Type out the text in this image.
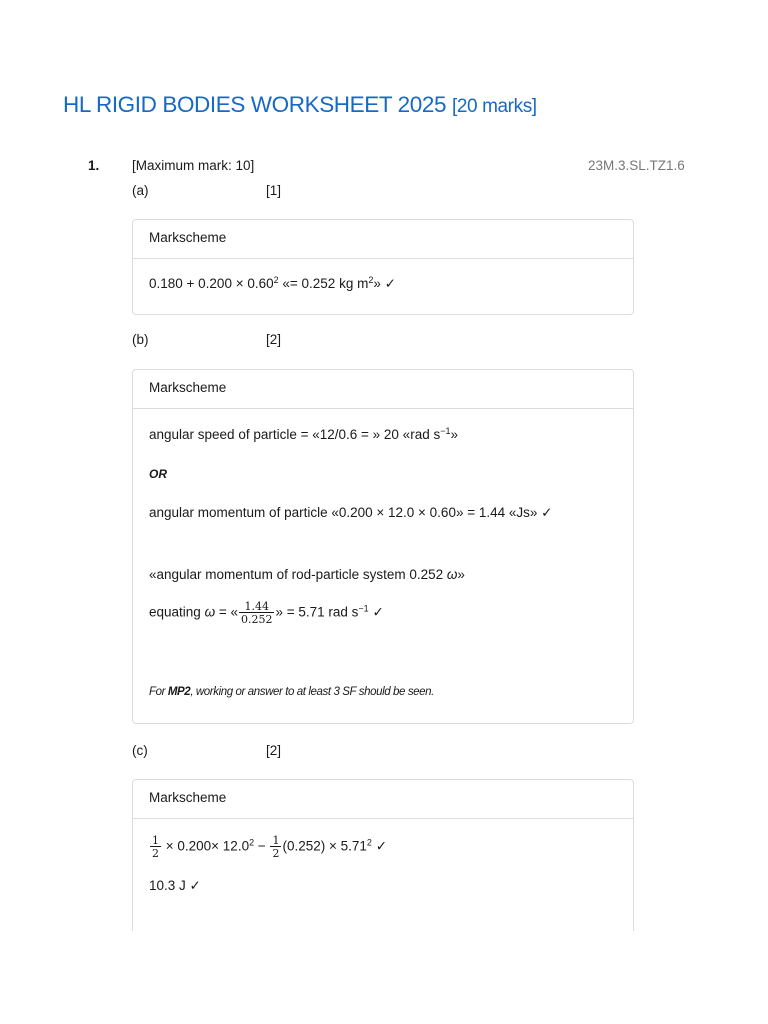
HL RIGID BODIES WORKSHEET 2025 [20 marks]
1. [Maximum mark: 10]	23M.3.SL.TZ1.6
(a)	[1]
Markscheme
$0.180 + 0.200 \times 0.60^2$ «= 0.252 kg $m^2$» ✓
(b)	[2]
Markscheme
angular speed of particle = «12/0.6 = » 20 «rad $s^{-1}$»
OR
angular momentum of particle «0.200 × 12.0 × 0.60» = 1.44 «Js» ✓
«angular momentum of rod-particle system 0.252 ω»
equating ω = « $\frac{1.44}{0.252}$ » = 5.71 rad $s^{-1}$ ✓
For MP2, working or answer to at least 3 SF should be seen.
(c)	[2]
Markscheme
$\frac{1}{2} \times 0.200\times 12.0^2 - \frac{1}{2} (0.252) \times 5.71^2$ ✓
10.3 J ✓
